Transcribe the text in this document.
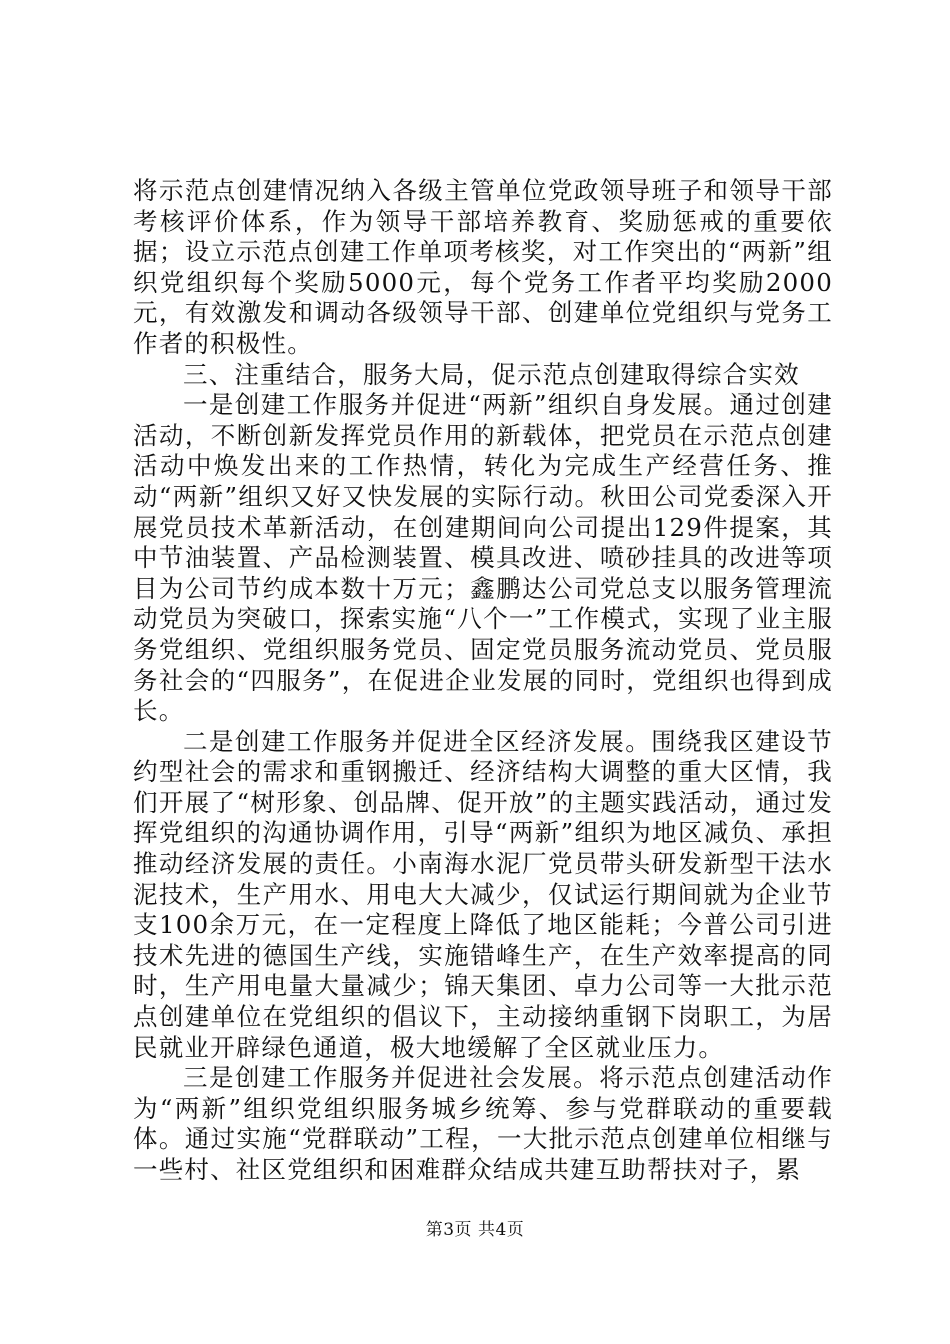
将示范点创建情况纳入各级主管单位党政领导班子和领导干部考核评价体系，作为领导干部培养教育、奖励惩戒的重要依据；设立示范点创建工作单项考核奖，对工作突出的“两新”组织党组织每个奖励5000元，每个党务工作者平均奖励2000元，有效激发和调动各级领导干部、创建单位党组织与党务工作者的积极性。

三、注重结合，服务大局，促示范点创建取得综合实效

一是创建工作服务并促进“两新”组织自身发展。通过创建活动，不断创新发挥党员作用的新载体，把党员在示范点创建活动中焕发出来的工作热情，转化为完成生产经营任务、推动“两新”组织又好又快发展的实际行动。秋田公司党委深入开展党员技术革新活动，在创建期间向公司提出129件提案，其中节油装置、产品检测装置、模具改进、喷砂挂具的改进等项目为公司节约成本数十万元；鑫鹏达公司党总支以服务管理流动党员为突破口，探索实施“八个一”工作模式，实现了业主服务党组织、党组织服务党员、固定党员服务流动党员、党员服务社会的“四服务”，在促进企业发展的同时，党组织也得到成长。

二是创建工作服务并促进全区经济发展。围绕我区建设节约型社会的需求和重钢搬迁、经济结构大调整的重大区情，我们开展了“树形象、创品牌、促开放”的主题实践活动，通过发挥党组织的沟通协调作用，引导“两新”组织为地区减负、承担推动经济发展的责任。小南海水泥厂党员带头研发新型干法水泥技术，生产用水、用电大大减少，仅试运行期间就为企业节支100余万元，在一定程度上降低了地区能耗；今普公司引进技术先进的德国生产线，实施错峰生产，在生产效率提高的同时，生产用电量大量减少；锦天集团、卓力公司等一大批示范点创建单位在党组织的倡议下，主动接纳重钢下岗职工，为居民就业开辟绿色通道，极大地缓解了全区就业压力。

三是创建工作服务并促进社会发展。将示范点创建活动作为“两新”组织党组织服务城乡统筹、参与党群联动的重要载体。通过实施“党群联动”工程，一大批示范点创建单位相继与一些村、社区党组织和困难群众结成共建互助帮扶对子，累

第3页 共4页
